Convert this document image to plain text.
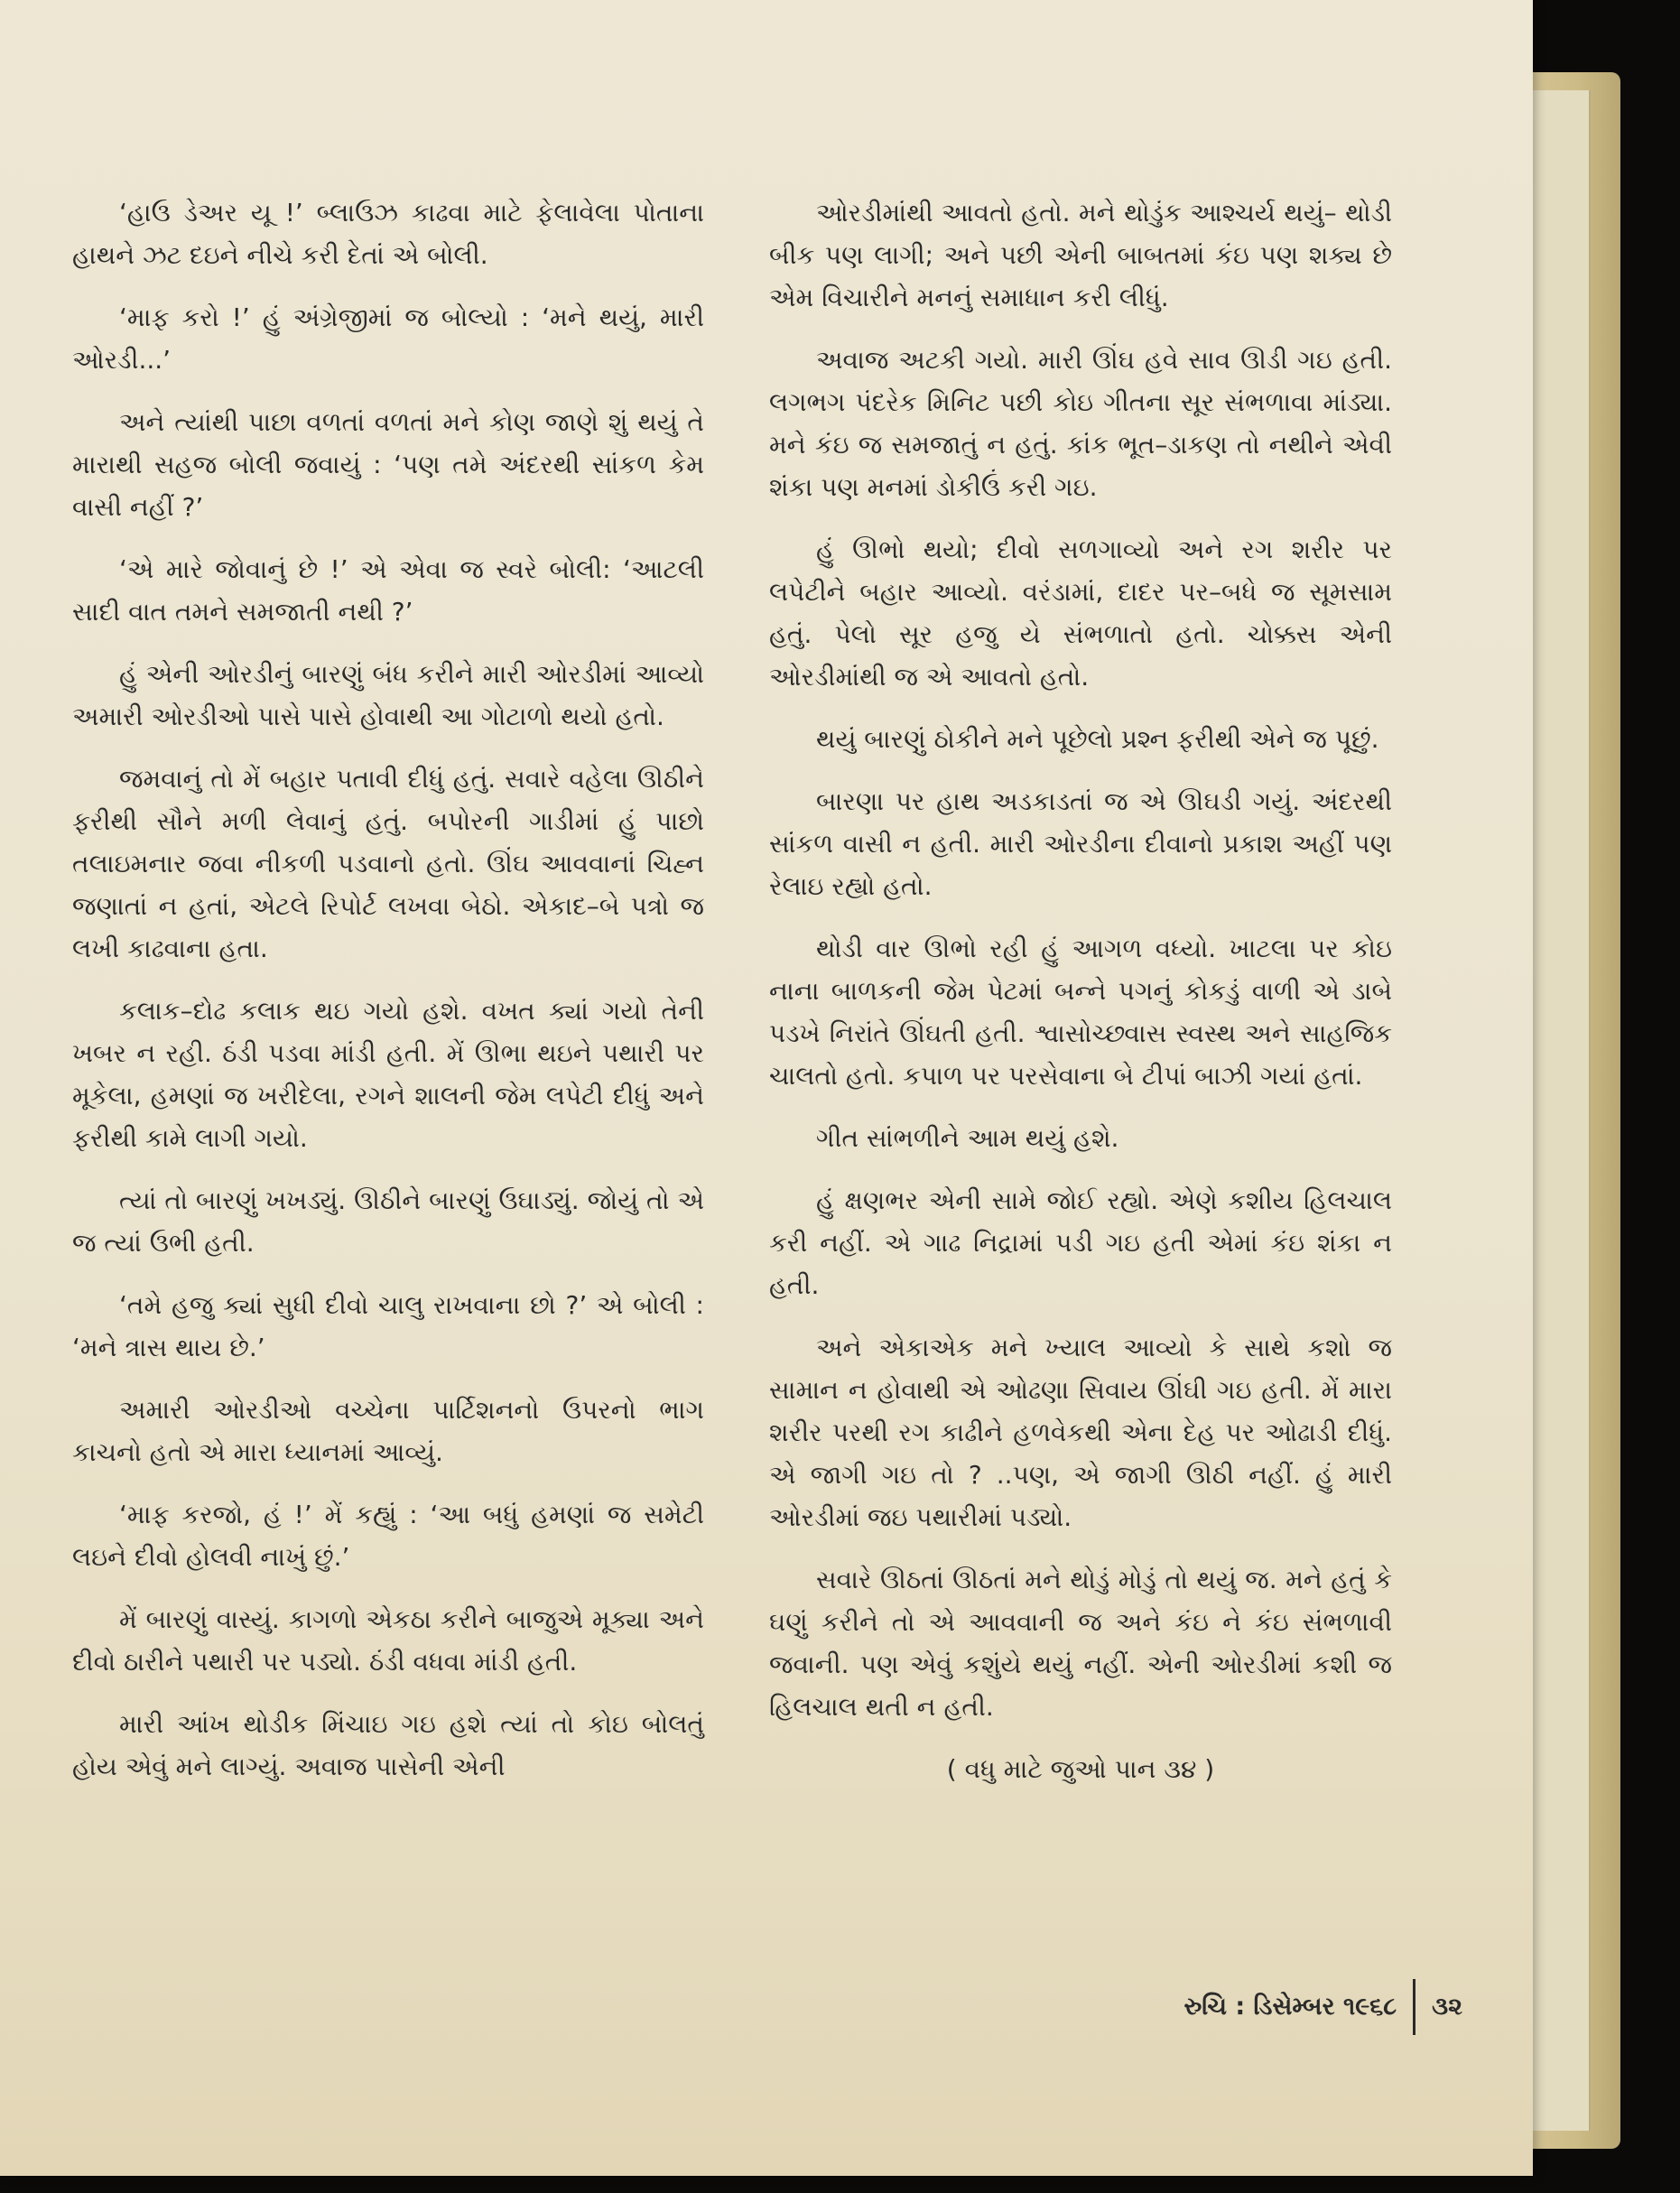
‘હાઉ ડેઅર યૂ !’ બ્લાઉઝ કાઢવા માટે ફેલાવેલા પોતાના હાથને ઝટ દઇને નીચે કરી દેતાં એ બોલી.

‘માફ કરો !’ હું અંગ્રેજીમાં જ બોલ્યો : ‘મને થયું, મારી ઓરડી...’

અને ત્યાંથી પાછા વળતાં વળતાં મને કોણ જાણે શું થયું તે મારાથી સહજ બોલી જવાયું : ‘પણ તમે અંદરથી સાંકળ કેમ વાસી નહીં ?’

‘એ મારે જોવાનું છે !’ એ એવા જ સ્વરે બોલી: ‘આટલી સાદી વાત તમને સમજાતી નથી ?’

હું એની ઓરડીનું બારણું બંધ કરીને મારી ઓરડીમાં આવ્યો અમારી ઓરડીઓ પાસે પાસે હોવાથી આ ગોટાળો થયો હતો.

જમવાનું તો મેં બહાર પતાવી દીધું હતું. સવારે વહેલા ઊઠીને ફરીથી સૌને મળી લેવાનું હતું. બપોરની ગાડીમાં હું પાછો તલાઇમનાર જવા નીકળી પડવાનો હતો. ઊંઘ આવવાનાં ચિહ્ન જણાતાં ન હતાં, એટલે રિપોર્ટ લખવા બેઠો. એકાદ–બે પત્રો જ લખી કાઢવાના હતા.

કલાક–દોઢ કલાક થઇ ગયો હશે. વખત ક્યાં ગયો તેની ખબર ન રહી. ઠંડી પડવા માંડી હતી. મેં ઊભા થઇને પથારી પર મૂકેલા, હમણાં જ ખરીદેલા, રગને શાલની જેમ લપેટી દીધું અને ફરીથી કામે લાગી ગયો.

ત્યાં તો બારણું ખખડ્યું. ઊઠીને બારણું ઉઘાડ્યું. જોયું તો એ જ ત્યાં ઉભી હતી.

‘તમે હજુ ક્યાં સુધી દીવો ચાલુ રાખવાના છો ?’ એ બોલી : ‘મને ત્રાસ થાય છે.’

અમારી ઓરડીઓ વચ્ચેના પાર્ટિશનનો ઉપરનો ભાગ કાચનો હતો એ મારા ધ્યાનમાં આવ્યું.

‘માફ કરજો, હં !’ મેં કહ્યું : ‘આ બધું હમણાં જ સમેટી લઇને દીવો હોલવી નાખું છું.’

મેં બારણું વાસ્યું. કાગળો એકઠા કરીને બાજુએ મૂક્યા અને દીવો ઠારીને પથારી પર પડ્યો. ઠંડી વધવા માંડી હતી.

મારી આંખ થોડીક મિંચાઇ ગઇ હશે ત્યાં તો કોઇ બોલતું હોય એવું મને લાગ્યું. અવાજ પાસેની એની

ઓરડીમાંથી આવતો હતો. મને થોડુંક આશ્ચર્ય થયું– થોડી બીક પણ લાગી; અને પછી એની બાબતમાં કંઇ પણ શક્ય છે એમ વિચારીને મનનું સમાધાન કરી લીધું.

અવાજ અટકી ગયો. મારી ઊંઘ હવે સાવ ઊડી ગઇ હતી. લગભગ પંદરેક મિનિટ પછી કોઇ ગીતના સૂર સંભળાવા માંડ્યા. મને કંઇ જ સમજાતું ન હતું. કાંક ભૂત–ડાકણ તો નથીને એવી શંકા પણ મનમાં ડોકીઉં કરી ગઇ.

હું ઊભો થયો; દીવો સળગાવ્યો અને રગ શરીર પર લપેટીને બહાર આવ્યો. વરંડામાં, દાદર પર–બધે જ સૂમસામ હતું. પેલો સૂર હજુ યે સંભળાતો હતો. ચોક્કસ એની ઓરડીમાંથી જ એ આવતો હતો.

થયું બારણું ઠોકીને મને પૂછેલો પ્રશ્ન ફરીથી એને જ પૂછું.

બારણા પર હાથ અડકાડતાં જ એ ઊઘડી ગયું. અંદરથી સાંકળ વાસી ન હતી. મારી ઓરડીના દીવાનો પ્રકાશ અહીં પણ રેલાઇ રહ્યો હતો.

થોડી વાર ઊભો રહી હું આગળ વધ્યો. ખાટલા પર કોઇ નાના બાળકની જેમ પેટમાં બન્ને પગનું કોકડું વાળી એ ડાબે પડખે નિરાંતે ઊંઘતી હતી. શ્વાસોચ્છ્વાસ સ્વસ્થ અને સાહજિક ચાલતો હતો. કપાળ પર પરસેવાના બે ટીપાં બાઝી ગયાં હતાં.

ગીત સાંભળીને આમ થયું હશે.

હું ક્ષણભર એની સામે જોઈ રહ્યો. એણે કશીય હિલચાલ કરી નહીં. એ ગાઢ નિદ્રામાં પડી ગઇ હતી એમાં કંઇ શંકા ન હતી.

અને એકાએક મને ખ્યાલ આવ્યો કે સાથે કશો જ સામાન ન હોવાથી એ ઓઢણા સિવાય ઊંઘી ગઇ હતી. મેં મારા શરીર પરથી રગ કાઢીને હળવેકથી એના દેહ પર ઓઢાડી દીધું. એ જાગી ગઇ તો ? ..પણ, એ જાગી ઊઠી નહીં. હું મારી ઓરડીમાં જઇ પથારીમાં પડ્યો.

સવારે ઊઠતાં ઊઠતાં મને થોડું મોડું તો થયું જ. મને હતું કે ઘણું કરીને તો એ આવવાની જ અને કંઇ ને કંઇ સંભળાવી જવાની. પણ એવું કશુંયે થયું નહીં. એની ઓરડીમાં કશી જ હિલચાલ થતી ન હતી.

( વધુ માટે જુઓ પાન ૩૪ )

રુચિ : ડિસેમ્બર ૧૯૬૮ ૩૨
